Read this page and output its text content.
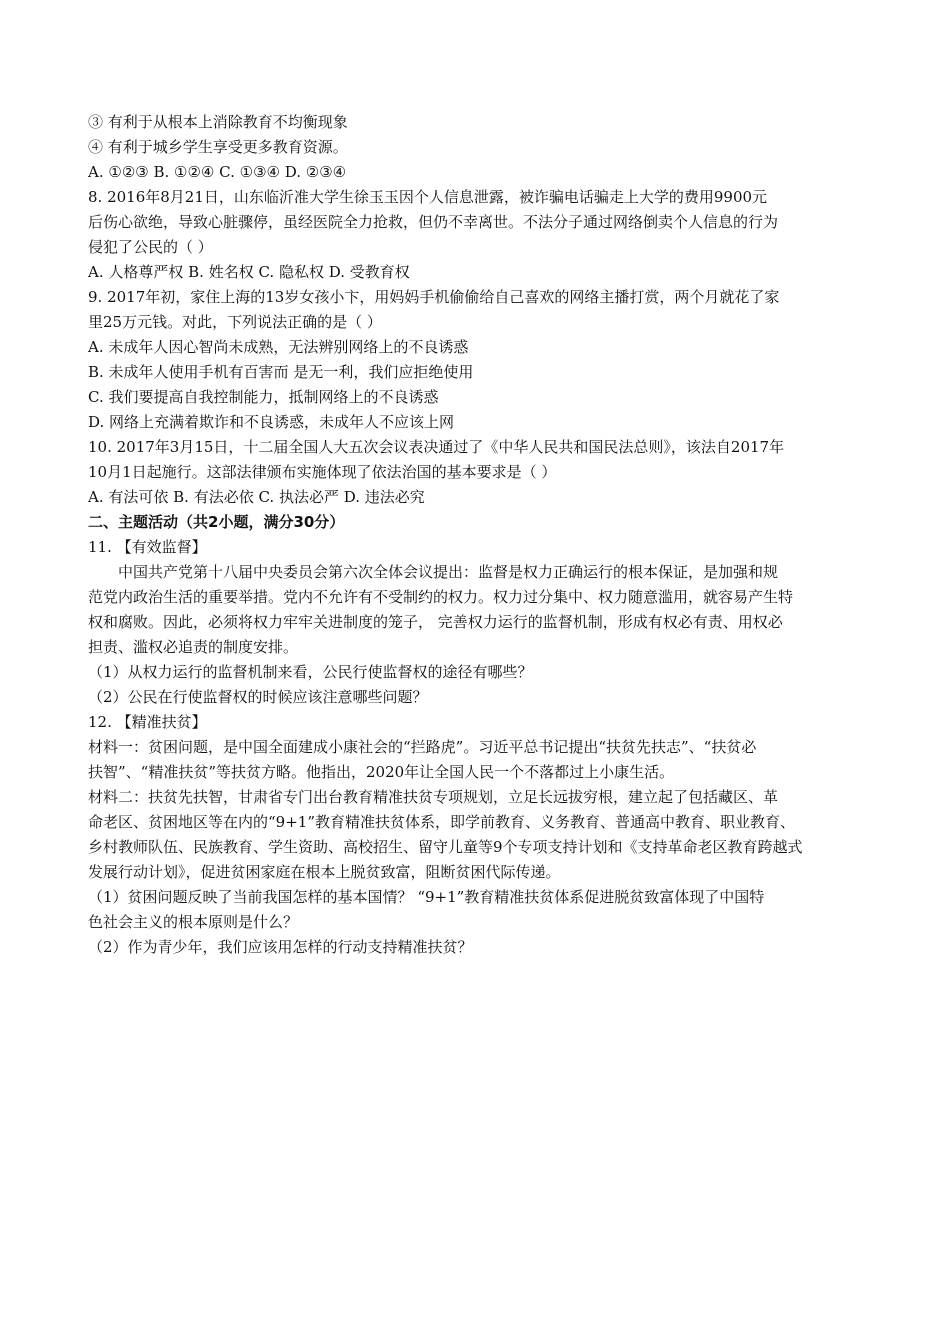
③ 有利于从根本上消除教育不均衡现象
④ 有利于城乡学生享受更多教育资源。
A. ①②③ B. ①②④ C. ①③④ D. ②③④
8. 2016年8月21日，山东临沂准大学生徐玉玉因个人信息泄露，被诈骗电话骗走上大学的费用9900元
后伤心欲绝，导致心脏骤停，虽经医院全力抢救，但仍不幸离世。不法分子通过网络倒卖个人信息的行为
侵犯了公民的（ ）
A. 人格尊严权 B. 姓名权 C. 隐私权 D. 受教育权
9. 2017年初，家住上海的13岁女孩小卞，用妈妈手机偷偷给自己喜欢的网络主播打赏，两个月就花了家
里25万元钱。对此，下列说法正确的是（ ）
A. 未成年人因心智尚未成熟，无法辨别网络上的不良诱惑
B. 未成年人使用手机有百害而 是无一利，我们应拒绝使用
C. 我们要提高自我控制能力，抵制网络上的不良诱惑
D. 网络上充满着欺诈和不良诱惑，未成年人不应该上网
10. 2017年3月15日，十二届全国人大五次会议表决通过了《中华人民共和国民法总则》，该法自2017年
10月1日起施行。这部法律颁布实施体现了依法治国的基本要求是（ ）
A. 有法可依 B. 有法必依 C. 执法必严 D. 违法必究
二、主题活动（共2小题，满分30分）
11. 【有效监督】
中国共产党第十八届中央委员会第六次全体会议提出：监督是权力正确运行的根本保证，是加强和规
范党内政治生活的重要举措。党内不允许有不受制约的权力。权力过分集中、权力随意滥用，就容易产生特
权和腐败。因此，必须将权力牢牢关进制度的笼子， 完善权力运行的监督机制，形成有权必有责、用权必
担责、滥权必追责的制度安排。
（1）从权力运行的监督机制来看，公民行使监督权的途径有哪些？
（2）公民在行使监督权的时候应该注意哪些问题？
12. 【精准扶贫】
材料一：贫困问题，是中国全面建成小康社会的“拦路虎”。习近平总书记提出“扶贫先扶志”、“扶贫必
扶智”、“精准扶贫”等扶贫方略。他指出，2020年让全国人民一个不落都过上小康生活。
材料二：扶贫先扶智，甘肃省专门出台教育精准扶贫专项规划，立足长远拔穷根，建立起了包括藏区、革
命老区、贫困地区等在内的“9+1”教育精准扶贫体系，即学前教育、义务教育、普通高中教育、职业教育、
乡村教师队伍、民族教育、学生资助、高校招生、留守儿童等9个专项支持计划和《支持革命老区教育跨越式
发展行动计划》，促进贫困家庭在根本上脱贫致富，阻断贫困代际传递。
（1）贫困问题反映了当前我国怎样的基本国情？ “9+1”教育精准扶贫体系促进脱贫致富体现了中国特
色社会主义的根本原则是什么？
（2）作为青少年，我们应该用怎样的行动支持精准扶贫？
